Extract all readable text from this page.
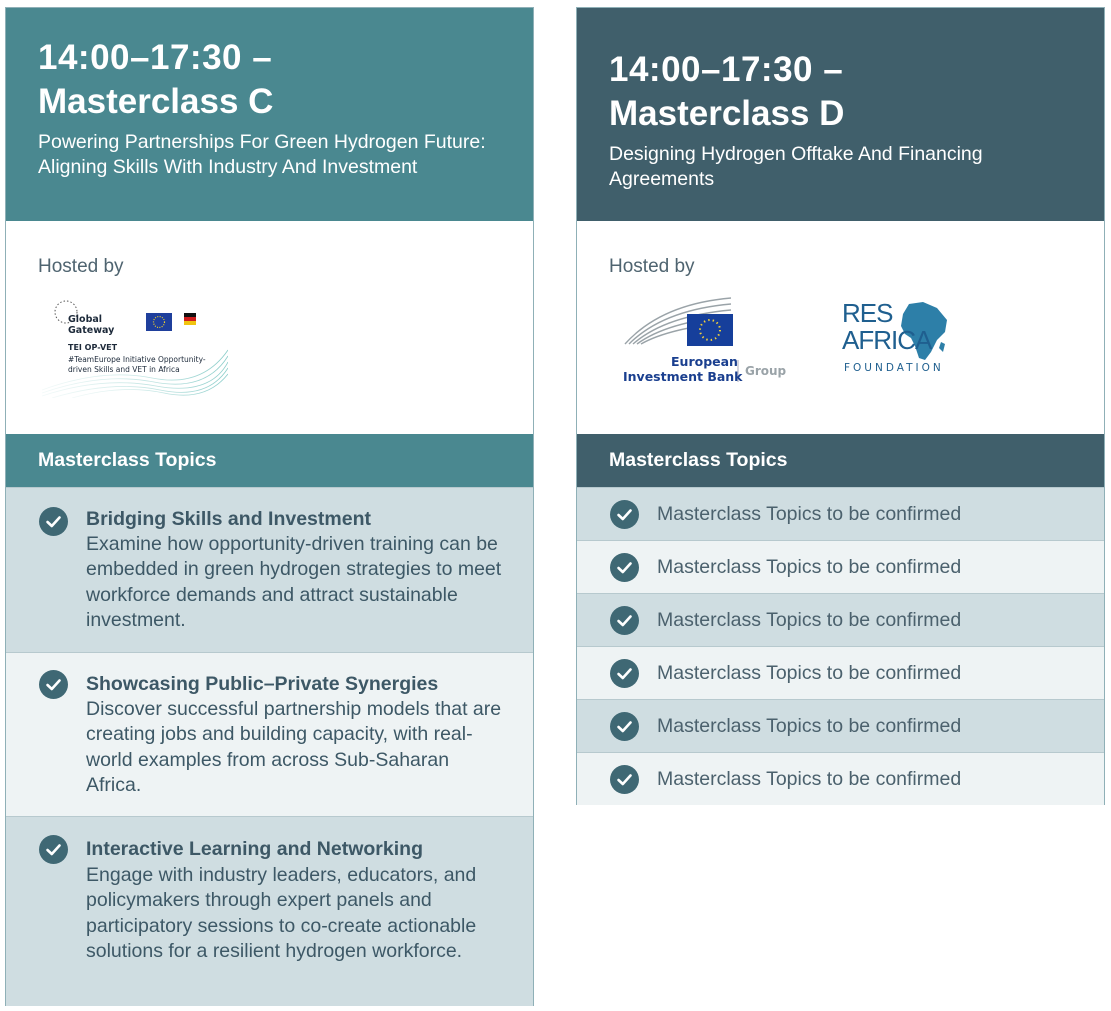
14:00–17:30 –
Masterclass C
Powering Partnerships For Green Hydrogen Future: Aligning Skills With Industry And Investment
Hosted by
Global
Gateway
TEI OP-VET
#TeamEurope Initiative Opportunity-
driven Skills and VET in Africa
Masterclass Topics
Bridging Skills and Investment
Examine how opportunity-driven training can be embedded in green hydrogen strategies to meet workforce demands and attract sustainable investment.
Showcasing Public–Private Synergies
Discover successful partnership models that are creating jobs and building capacity, with real-world examples from across Sub-Saharan Africa.
Interactive Learning and Networking
Engage with industry leaders, educators, and policymakers through expert panels and participatory sessions to co-create actionable solutions for a resilient hydrogen workforce.
14:00–17:30 –
Masterclass D
Designing Hydrogen Offtake And Financing Agreements
Hosted by
European
Investment Bank Group
RES
AFRICA
FOUNDATION
Masterclass Topics
Masterclass Topics to be confirmed
Masterclass Topics to be confirmed
Masterclass Topics to be confirmed
Masterclass Topics to be confirmed
Masterclass Topics to be confirmed
Masterclass Topics to be confirmed
